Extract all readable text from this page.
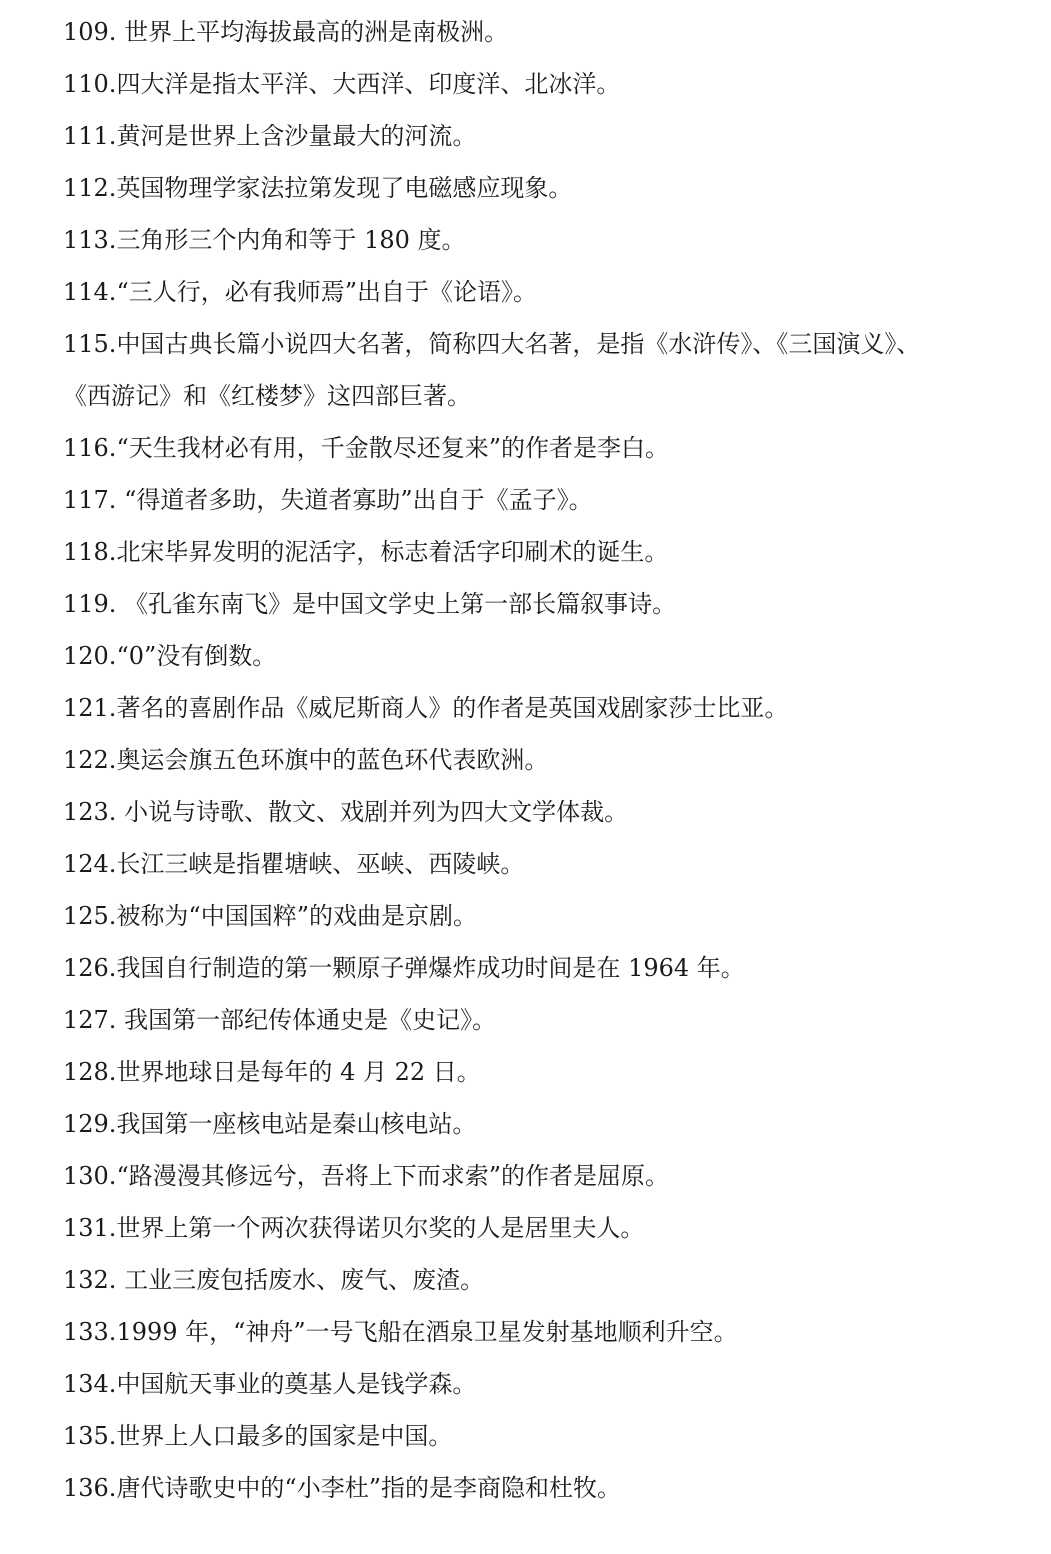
109. 世界上平均海拔最高的洲是南极洲。
110.四大洋是指太平洋、大西洋、印度洋、北冰洋。
111.黄河是世界上含沙量最大的河流。
112.英国物理学家法拉第发现了电磁感应现象。
113.三角形三个内角和等于 180 度。
114.“三人行，必有我师焉”出自于《论语》。
115.中国古典长篇小说四大名著，简称四大名著，是指《水浒传》、《三国演义》、
《西游记》和《红楼梦》这四部巨著。
116.“天生我材必有用，千金散尽还复来”的作者是李白。
117. “得道者多助，失道者寡助”出自于《孟子》。
118.北宋毕昇发明的泥活字，标志着活字印刷术的诞生。
119. 《孔雀东南飞》是中国文学史上第一部长篇叙事诗。
120.“0”没有倒数。
121.著名的喜剧作品《威尼斯商人》的作者是英国戏剧家莎士比亚。
122.奥运会旗五色环旗中的蓝色环代表欧洲。
123. 小说与诗歌、散文、戏剧并列为四大文学体裁。
124.长江三峡是指瞿塘峡、巫峡、西陵峡。
125.被称为“中国国粹”的戏曲是京剧。
126.我国自行制造的第一颗原子弹爆炸成功时间是在 1964 年。
127. 我国第一部纪传体通史是《史记》。
128.世界地球日是每年的 4 月 22 日。
129.我国第一座核电站是秦山核电站。
130.“路漫漫其修远兮，吾将上下而求索”的作者是屈原。
131.世界上第一个两次获得诺贝尔奖的人是居里夫人。
132. 工业三废包括废水、废气、废渣。
133.1999 年，“神舟”一号飞船在酒泉卫星发射基地顺利升空。
134.中国航天事业的奠基人是钱学森。
135.世界上人口最多的国家是中国。
136.唐代诗歌史中的“小李杜”指的是李商隐和杜牧。
